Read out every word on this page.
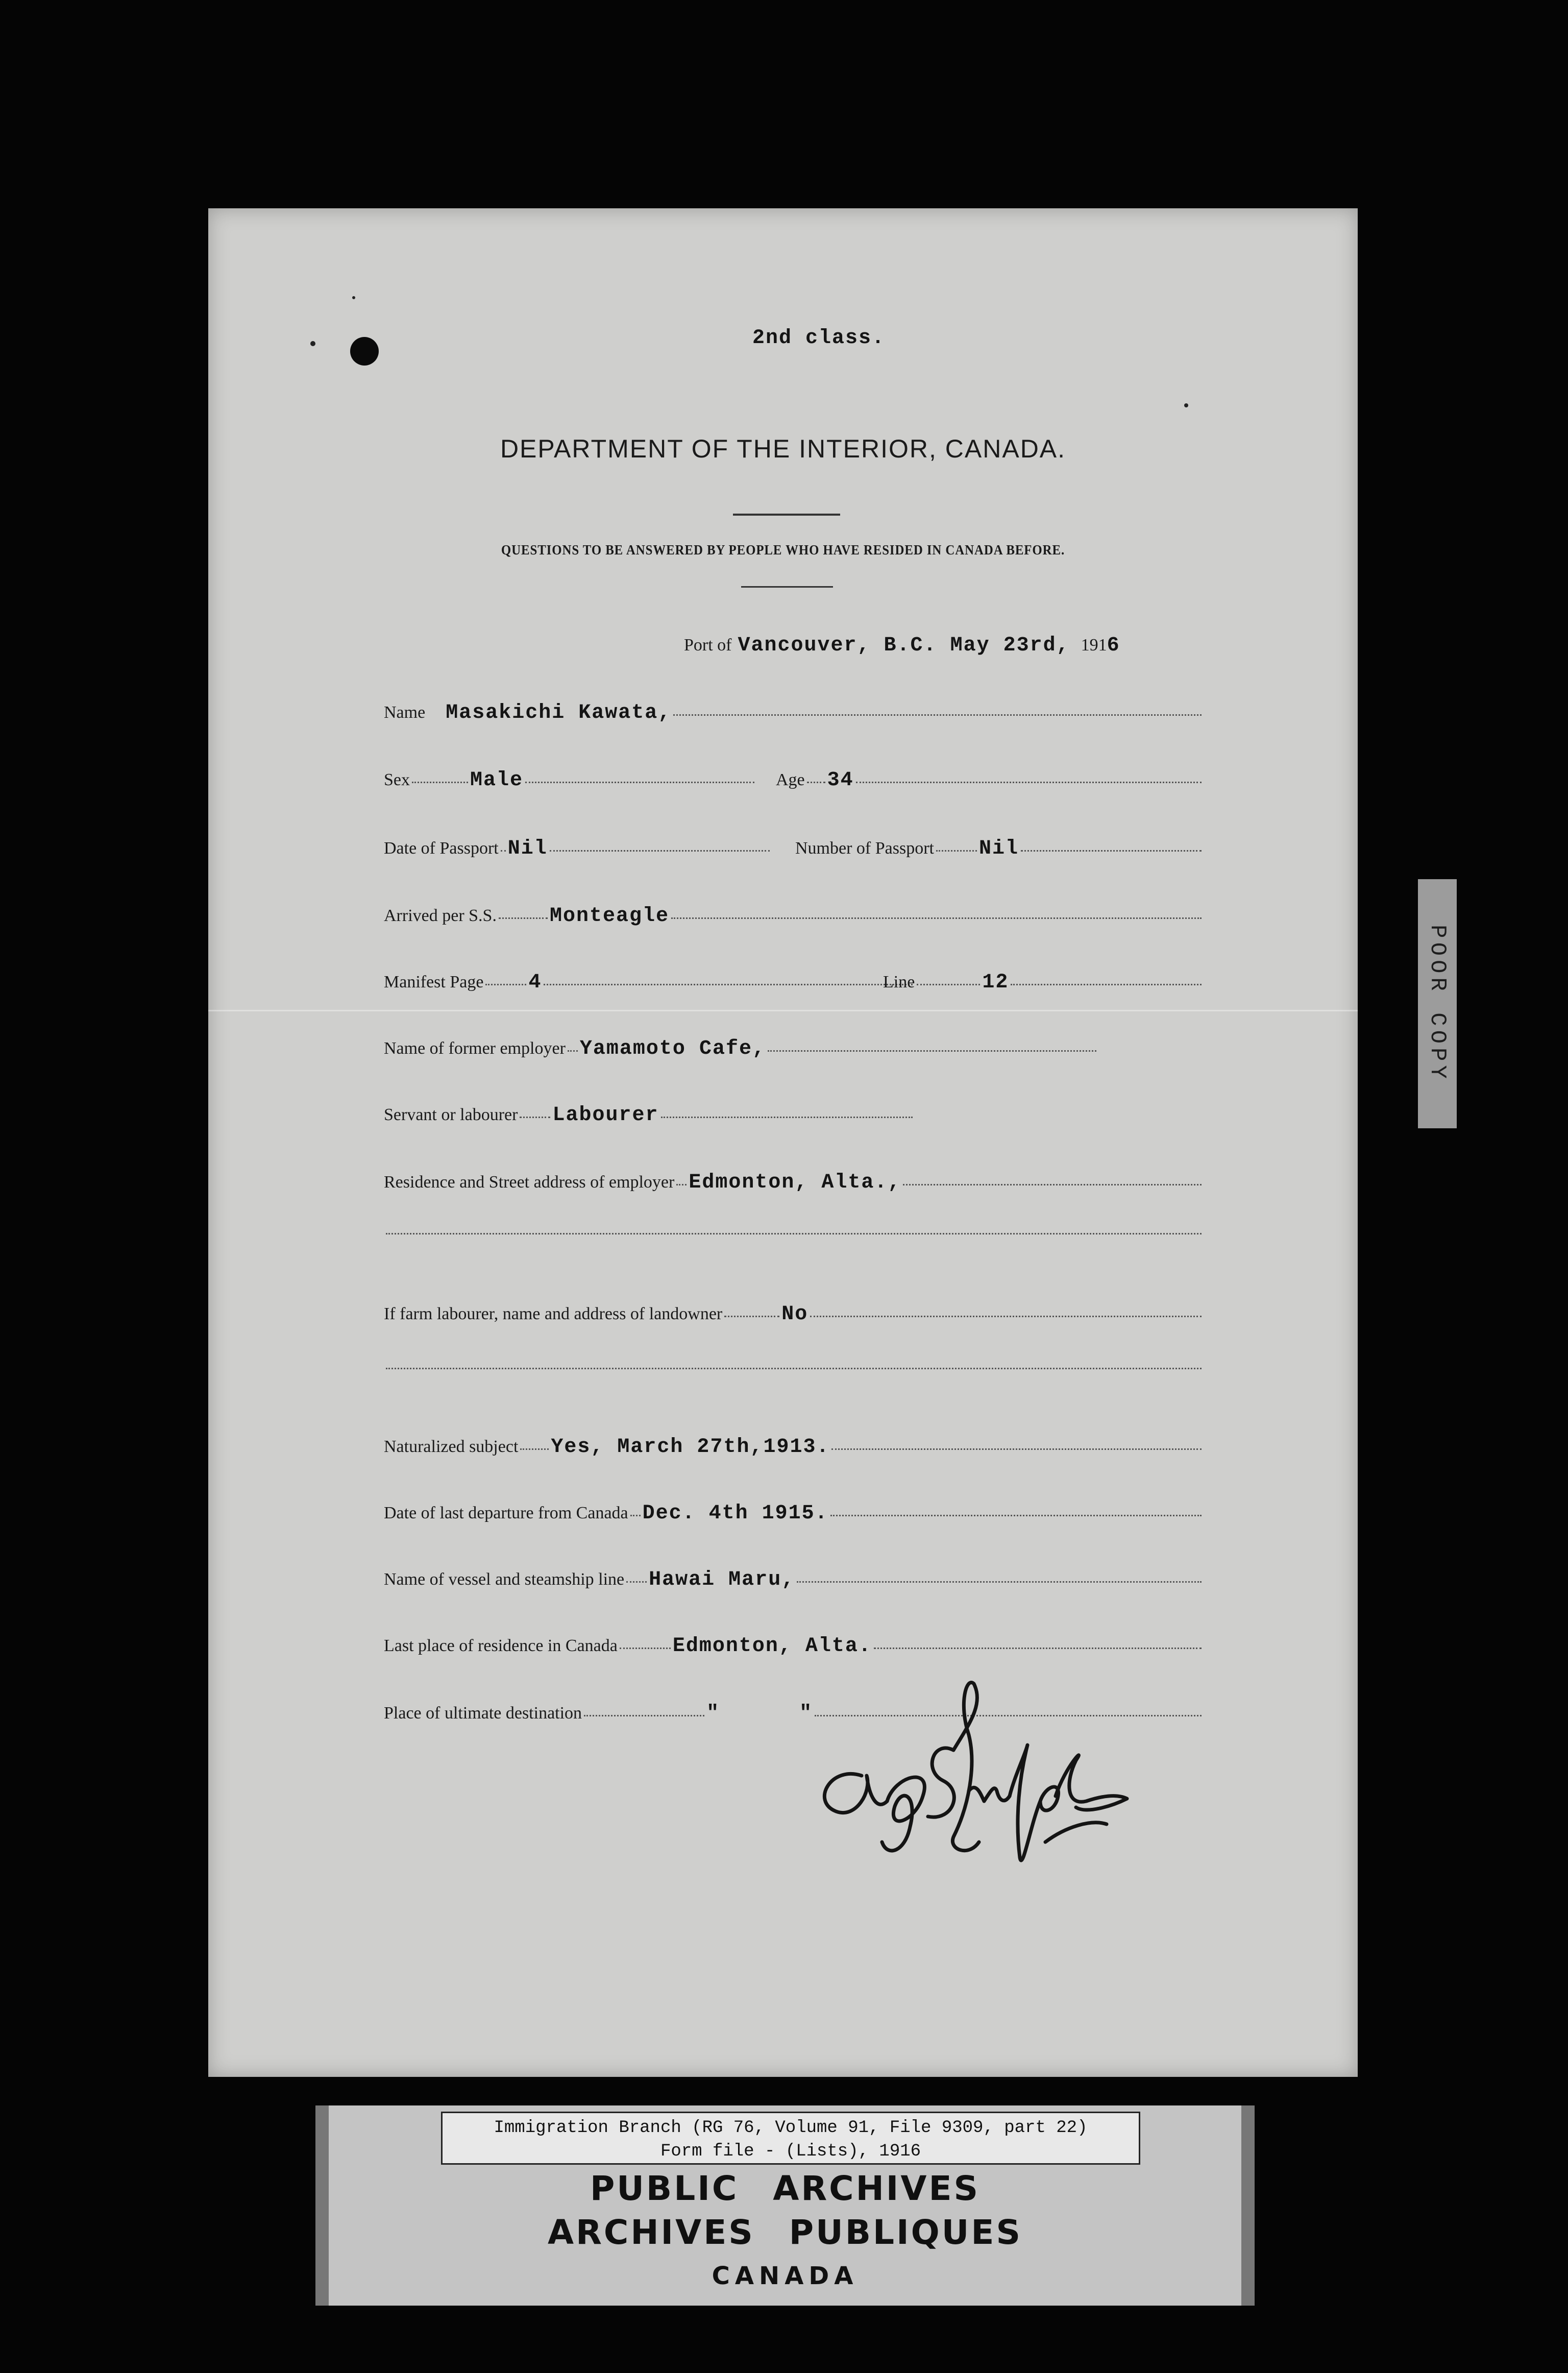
2nd class.
DEPARTMENT OF THE INTERIOR, CANADA.
QUESTIONS TO BE ANSWERED BY PEOPLE WHO HAVE RESIDED IN CANADA BEFORE.
Port of Vancouver, B.C. May 23rd, 191 6
Name Masakichi Kawata,
Sex	Male	Age 34
Date of Passport Nil	Number of Passport Nil
Arrived per S.S.	Monteagle
Manifest Page 4	Line	12
Name of former employer Yamamoto Cafe,
Servant or labourer Labourer
Residence and Street address of employer Edmonton, Alta.,
If farm labourer, name and address of landowner	No
Naturalized subject Yes, March 27th,1913.
Date of last departure from Canada Dec. 4th 1915.
Name of vessel and steamship line Hawai Maru,
Last place of residence in Canada	Edmonton, Alta.
Place of ultimate destination	"      "
POOR COPY
Immigration Branch (RG 76, Volume 91, File 9309, part 22)
Form file - (Lists), 1916
PUBLIC ARCHIVES
ARCHIVES PUBLIQUES
CANADA
